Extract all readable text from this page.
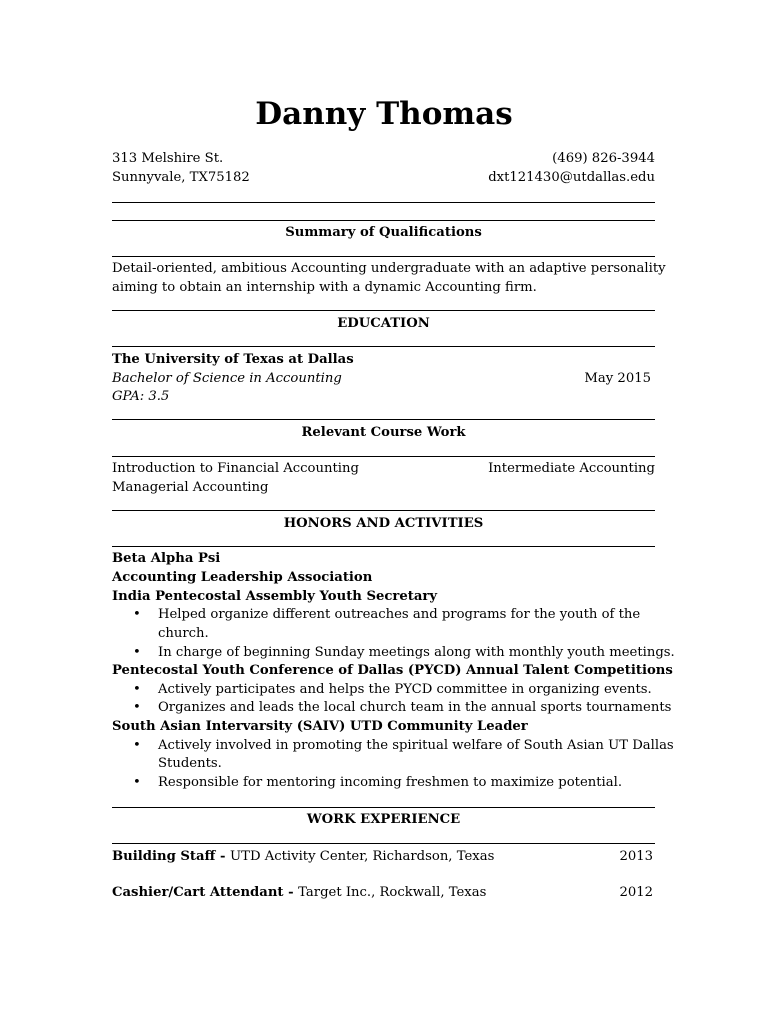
Danny Thomas
313 Melshire St.
Sunnyvale, TX75182
(469) 826-3944
dxt121430@utdallas.edu
Summary of Qualifications
Detail-oriented, ambitious Accounting undergraduate with an adaptive personality
aiming to obtain an internship with a dynamic Accounting firm.
EDUCATION
The University of Texas at Dallas
Bachelor of Science in Accounting	May 2015
GPA: 3.5
Relevant Course Work
Introduction to Financial Accounting	Intermediate Accounting
Managerial Accounting
HONORS AND ACTIVITIES
Beta Alpha Psi
Accounting Leadership Association
India Pentecostal Assembly Youth Secretary
• Helped organize different outreaches and programs for the youth of the
church.
• In charge of beginning Sunday meetings along with monthly youth meetings.
Pentecostal Youth Conference of Dallas (PYCD) Annual Talent Competitions
• Actively participates and helps the PYCD committee in organizing events.
• Organizes and leads the local church team in the annual sports tournaments
South Asian Intervarsity (SAIV) UTD Community Leader
• Actively involved in promoting the spiritual welfare of South Asian UT Dallas
Students.
• Responsible for mentoring incoming freshmen to maximize potential.
WORK EXPERIENCE
Building Staff - UTD Activity Center, Richardson, Texas	2013
Cashier/Cart Attendant - Target Inc., Rockwall, Texas	2012
